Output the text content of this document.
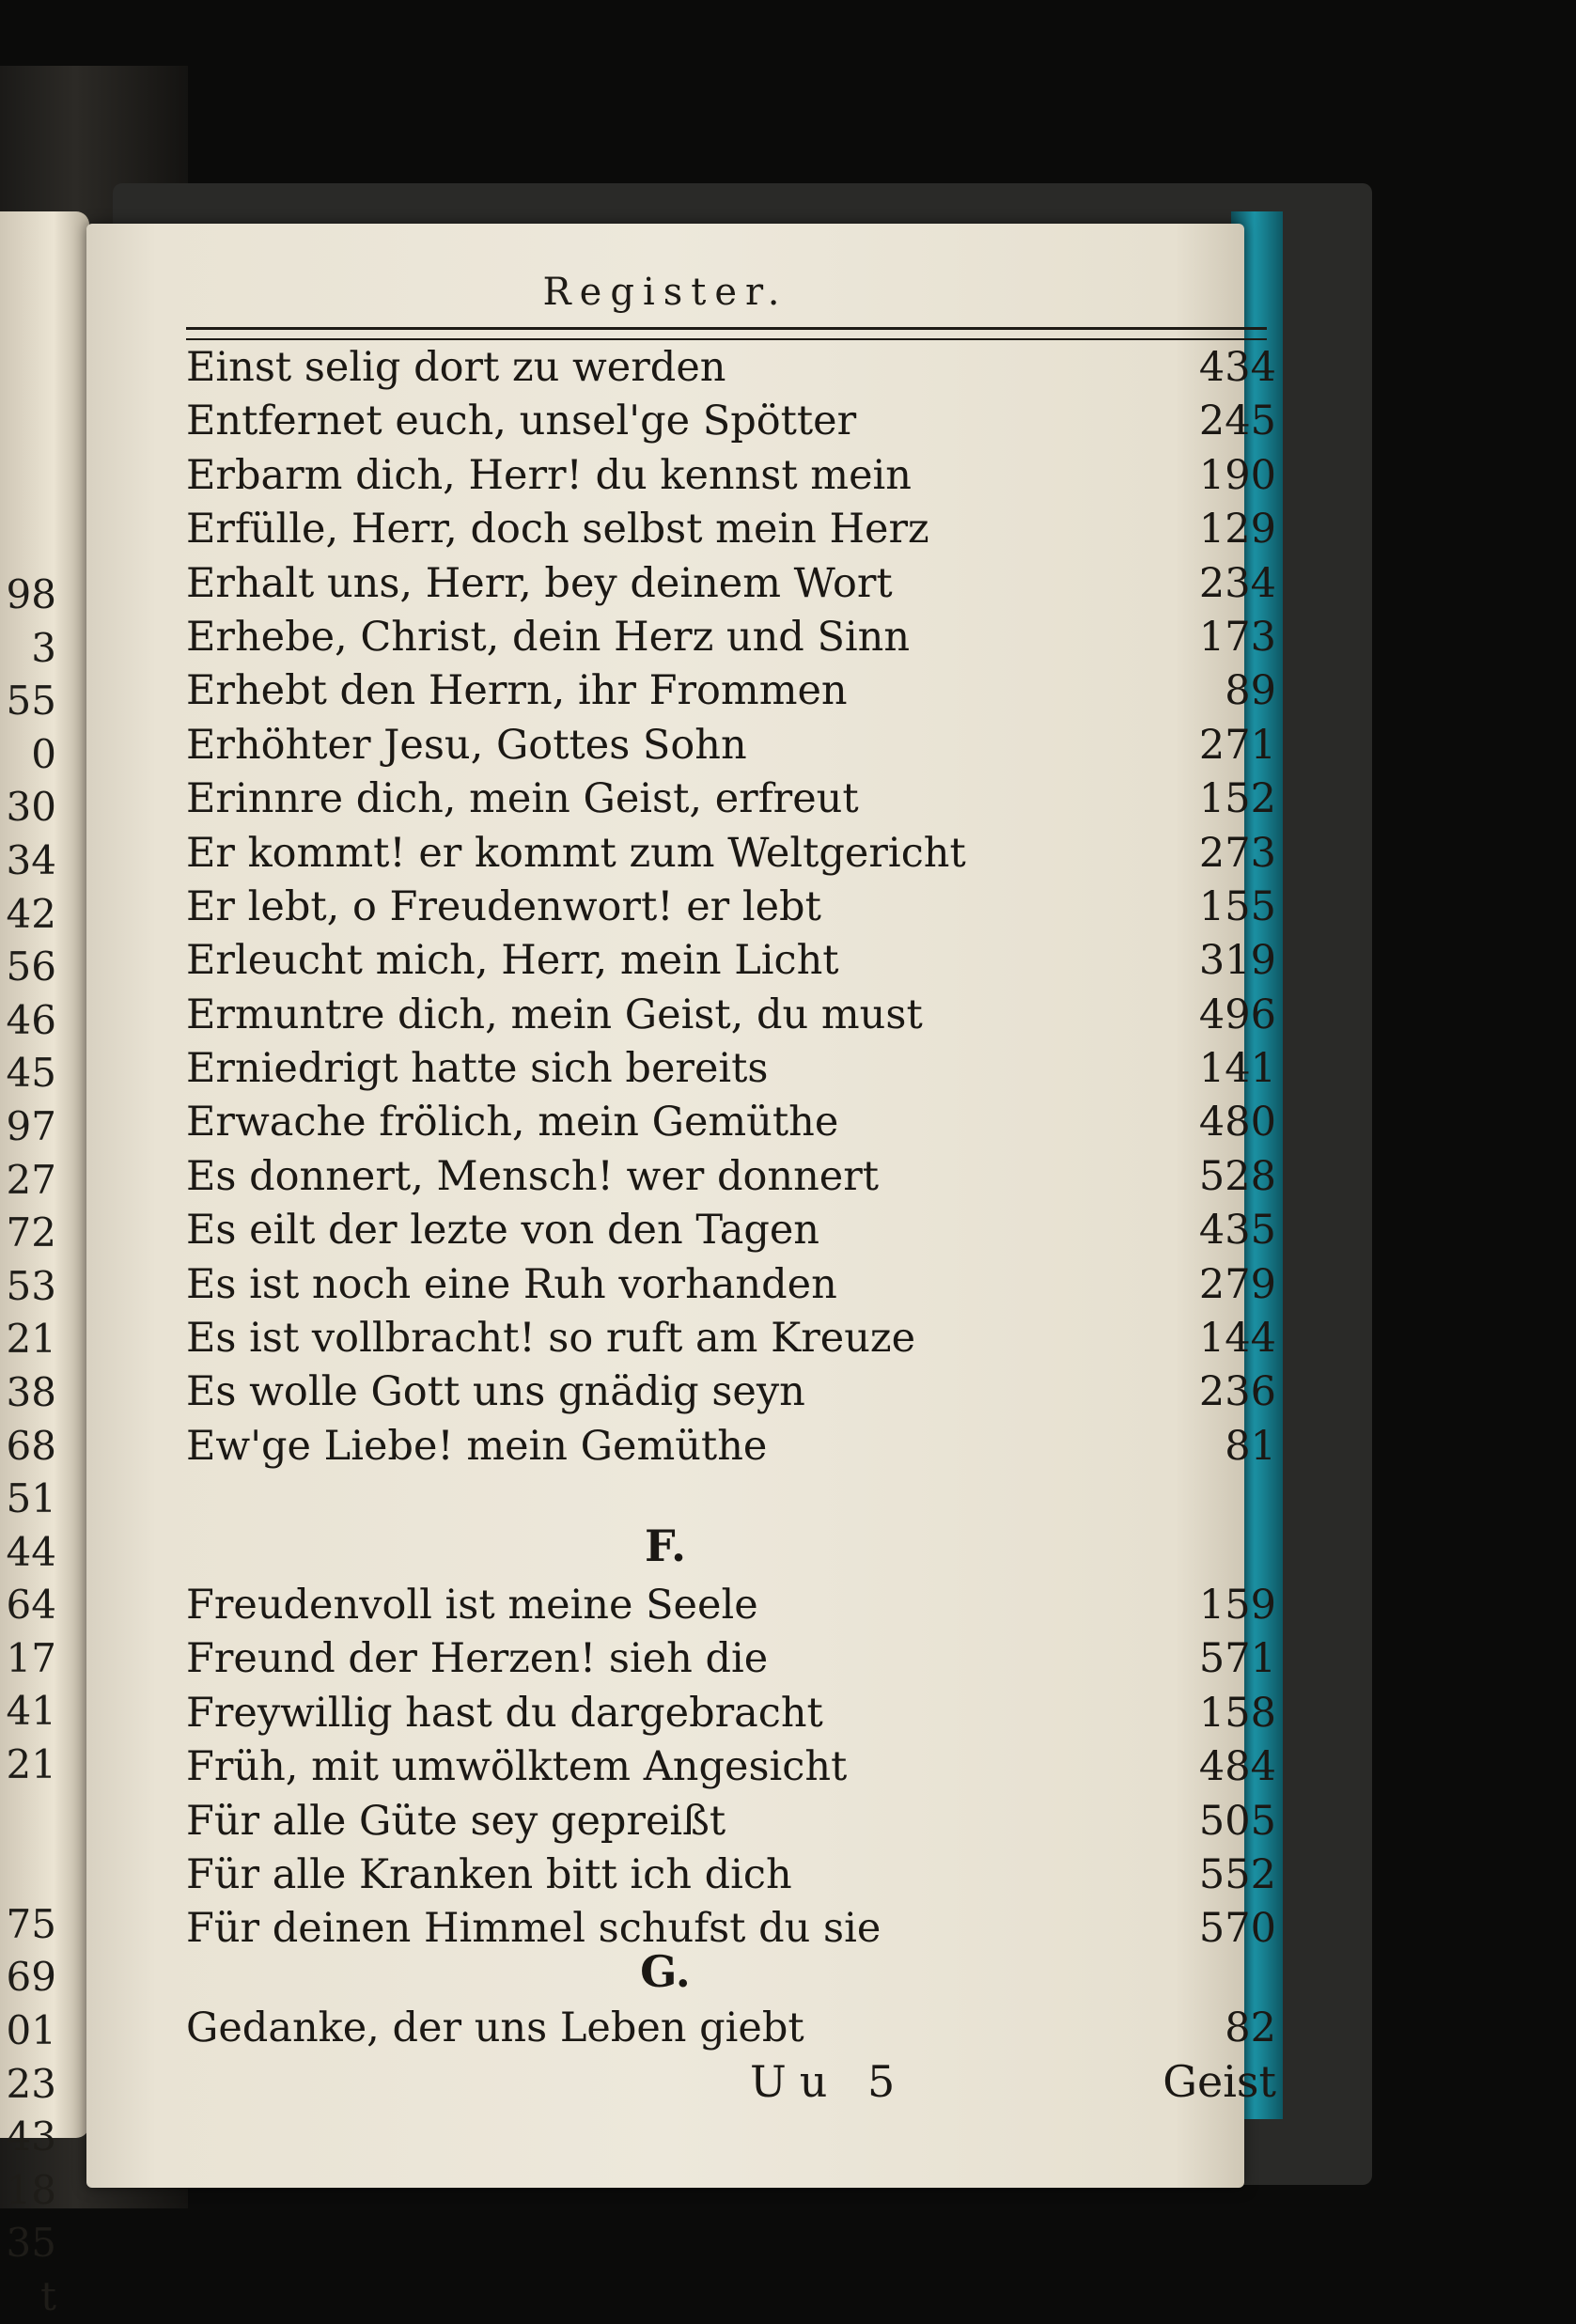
98
3
55
0
30
34
42
56
46
45
97
27
72
53
21
38
68
51
44
64
17
41
21

75
69
01
23
43
18
35
t
Register.
Einst selig dort zu werden	434
Entfernet euch, unsel'ge Spötter	245
Erbarm dich, Herr! du kennst mein	190
Erfülle, Herr, doch selbst mein Herz	129
Erhalt uns, Herr, bey deinem Wort	234
Erhebe, Christ, dein Herz und Sinn	173
Erhebt den Herrn, ihr Frommen	89
Erhöhter Jesu, Gottes Sohn	271
Erinnre dich, mein Geist, erfreut	152
Er kommt! er kommt zum Weltgericht	273
Er lebt, o Freudenwort! er lebt	155
Erleucht mich, Herr, mein Licht	319
Ermuntre dich, mein Geist, du must	496
Erniedrigt hatte sich bereits	141
Erwache frölich, mein Gemüthe	480
Es donnert, Mensch! wer donnert	528
Es eilt der lezte von den Tagen	435
Es ist noch eine Ruh vorhanden	279
Es ist vollbracht! so ruft am Kreuze	144
Es wolle Gott uns gnädig seyn	236
Ew'ge Liebe! mein Gemüthe	81
F.
Freudenvoll ist meine Seele	159
Freund der Herzen! sieh die	571
Freywillig hast du dargebracht	158
Früh, mit umwölktem Angesicht	484
Für alle Güte sey gepreißt	505
Für alle Kranken bitt ich dich	552
Für deinen Himmel schufst du sie	570
G.
Gedanke, der uns Leben giebt	82
Uu 5	Geist
